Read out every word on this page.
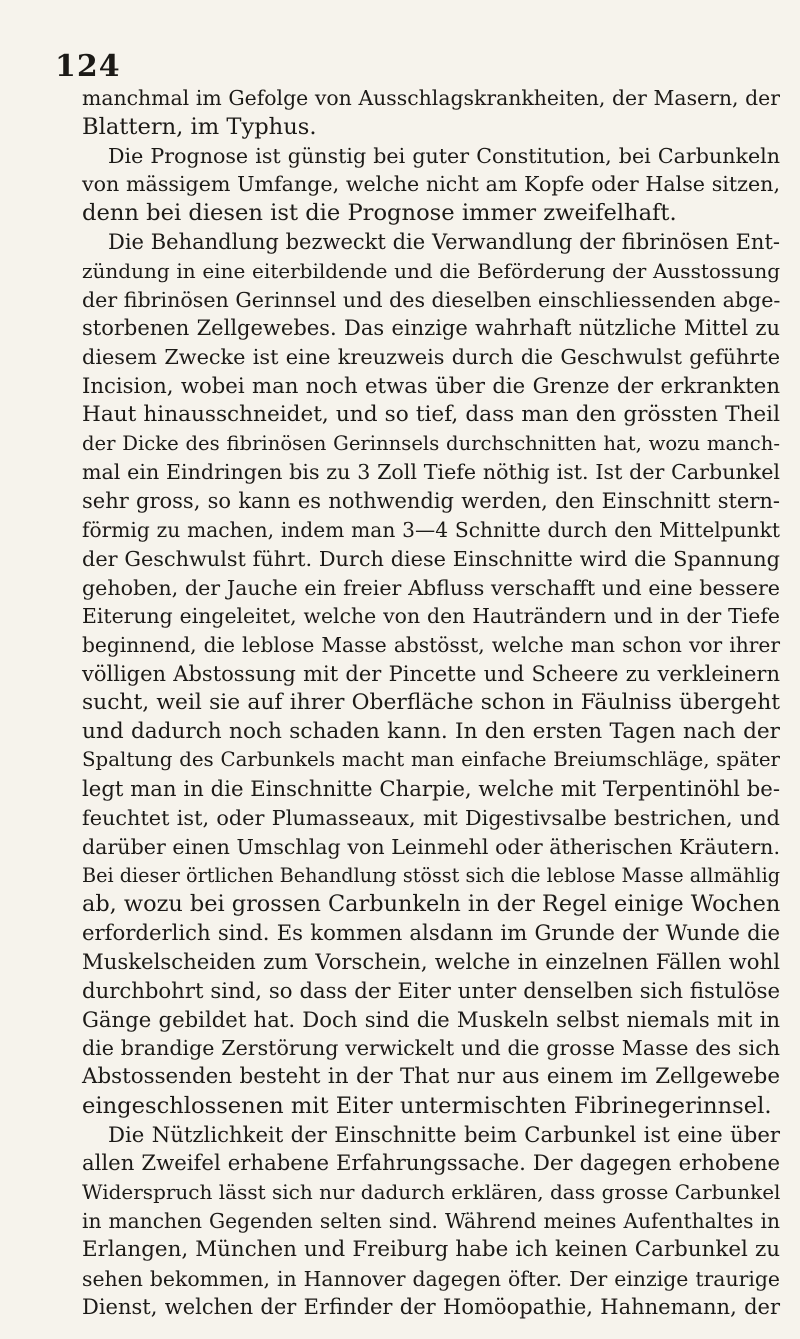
124
manchmal im Gefolge von Ausschlagskrankheiten, der Masern, der
Blattern, im Typhus.
Die Prognose ist günstig bei guter Constitution, bei Carbunkeln
von mässigem Umfange, welche nicht am Kopfe oder Halse sitzen,
denn bei diesen ist die Prognose immer zweifelhaft.
Die Behandlung bezweckt die Verwandlung der fibrinösen Ent-
zündung in eine eiterbildende und die Beförderung der Ausstossung
der fibrinösen Gerinnsel und des dieselben einschliessenden abge-
storbenen Zellgewebes. Das einzige wahrhaft nützliche Mittel zu
diesem Zwecke ist eine kreuzweis durch die Geschwulst geführte
Incision, wobei man noch etwas über die Grenze der erkrankten
Haut hinausschneidet, und so tief, dass man den grössten Theil
der Dicke des fibrinösen Gerinnsels durchschnitten hat, wozu manch-
mal ein Eindringen bis zu 3 Zoll Tiefe nöthig ist. Ist der Carbunkel
sehr gross, so kann es nothwendig werden, den Einschnitt stern-
förmig zu machen, indem man 3—4 Schnitte durch den Mittelpunkt
der Geschwulst führt. Durch diese Einschnitte wird die Spannung
gehoben, der Jauche ein freier Abfluss verschafft und eine bessere
Eiterung eingeleitet, welche von den Hauträndern und in der Tiefe
beginnend, die leblose Masse abstösst, welche man schon vor ihrer
völligen Abstossung mit der Pincette und Scheere zu verkleinern
sucht, weil sie auf ihrer Oberfläche schon in Fäulniss übergeht
und dadurch noch schaden kann. In den ersten Tagen nach der
Spaltung des Carbunkels macht man einfache Breiumschläge, später
legt man in die Einschnitte Charpie, welche mit Terpentinöhl be-
feuchtet ist, oder Plumasseaux, mit Digestivsalbe bestrichen, und
darüber einen Umschlag von Leinmehl oder ätherischen Kräutern.
Bei dieser örtlichen Behandlung stösst sich die leblose Masse allmählig
ab, wozu bei grossen Carbunkeln in der Regel einige Wochen
erforderlich sind. Es kommen alsdann im Grunde der Wunde die
Muskelscheiden zum Vorschein, welche in einzelnen Fällen wohl
durchbohrt sind, so dass der Eiter unter denselben sich fistulöse
Gänge gebildet hat. Doch sind die Muskeln selbst niemals mit in
die brandige Zerstörung verwickelt und die grosse Masse des sich
Abstossenden besteht in der That nur aus einem im Zellgewebe
eingeschlossenen mit Eiter untermischten Fibrinegerinnsel.
Die Nützlichkeit der Einschnitte beim Carbunkel ist eine über
allen Zweifel erhabene Erfahrungssache. Der dagegen erhobene
Widerspruch lässt sich nur dadurch erklären, dass grosse Carbunkel
in manchen Gegenden selten sind. Während meines Aufenthaltes in
Erlangen, München und Freiburg habe ich keinen Carbunkel zu
sehen bekommen, in Hannover dagegen öfter. Der einzige traurige
Dienst, welchen der Erfinder der Homöopathie, Hahnemann, der
